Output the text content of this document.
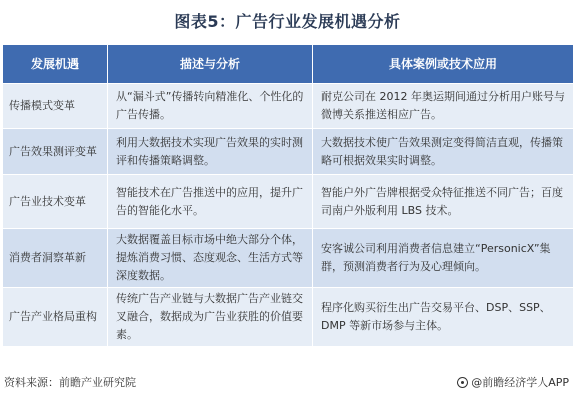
图表5：广告行业发展机遇分析
发展机遇	描述与分析	具体案例或技术应用
传播模式变革	从“漏斗式”传播转向精准化、个性化的广告传播。	耐克公司在 2012 年奥运期间通过分析用户账号与微博关系推送相应广告。
广告效果测评变革	利用大数据技术实现广告效果的实时测评和传播策略调整。	大数据技术使广告效果测定变得简洁直观，传播策略可根据效果实时调整。
广告业技术变革	智能技术在广告推送中的应用，提升广告的智能化水平。	智能户外广告牌根据受众特征推送不同广告；百度司南户外版利用 LBS 技术。
消费者洞察革新	大数据覆盖目标市场中绝大部分个体，提炼消费习惯、态度观念、生活方式等深度数据。	安客诚公司利用消费者信息建立“PersonicX”集群，预测消费者行为及心理倾向。
广告产业格局重构	传统广告产业链与大数据广告产业链交叉融合，数据成为广告业获胜的价值要素。	程序化购买衍生出广告交易平台、DSP、SSP、DMP 等新市场参与主体。
资料来源：前瞻产业研究院	@前瞻经济学人APP
